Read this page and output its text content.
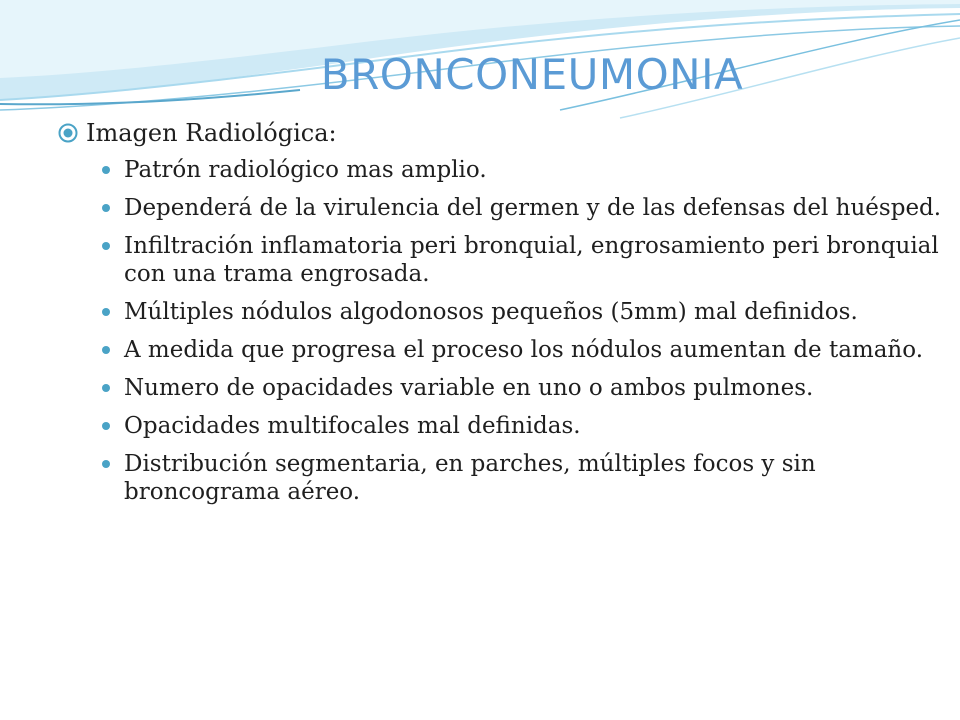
BRONCONEUMONIA
Imagen Radiológica:
Patrón radiológico mas amplio.
Dependerá de la virulencia del germen y de las defensas del huésped.
Infiltración inflamatoria peri bronquial, engrosamiento peri bronquial con una trama engrosada.
Múltiples nódulos algodonosos pequeños (5mm) mal definidos.
A medida que progresa el proceso los nódulos aumentan de tamaño.
Numero de opacidades variable en uno o ambos pulmones.
Opacidades multifocales mal definidas.
Distribución segmentaria, en parches, múltiples focos y sin broncograma aéreo.
